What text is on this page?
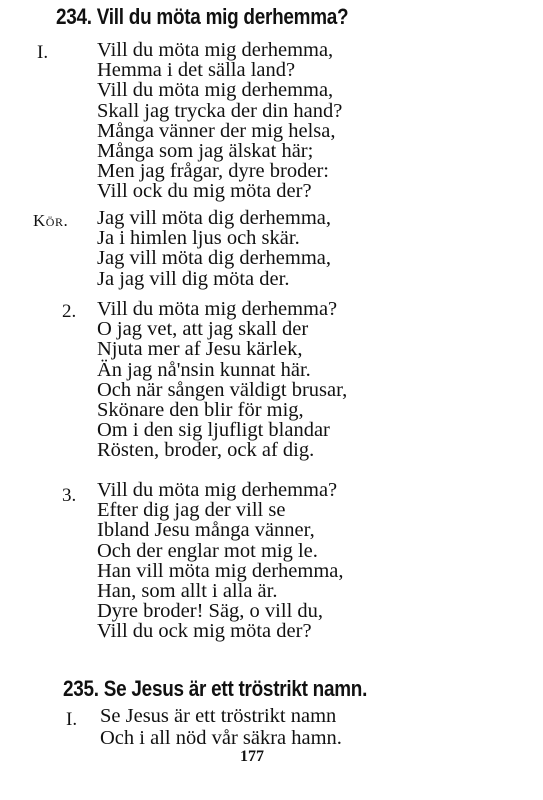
234. Vill du möta mig derhemma?
I. Vill du möta mig derhemma,
Hemma i det sälla land?
Vill du möta mig derhemma,
Skall jag trycka der din hand?
Många vänner der mig helsa,
Många som jag älskat här;
Men jag frågar, dyre broder:
Vill ock du mig möta der?
Kör. Jag vill möta dig derhemma,
Ja i himlen ljus och skär.
Jag vill möta dig derhemma,
Ja jag vill dig möta der.
2. Vill du möta mig derhemma?
O jag vet, att jag skall der
Njuta mer af Jesu kärlek,
Än jag nå'nsin kunnat här.
Och när sången väldigt brusar,
Skönare den blir för mig,
Om i den sig ljufligt blandar
Rösten, broder, ock af dig.
3. Vill du möta mig derhemma?
Efter dig jag der vill se
Ibland Jesu många vänner,
Och der englar mot mig le.
Han vill möta mig derhemma,
Han, som allt i alla är.
Dyre broder! Säg, o vill du,
Vill du ock mig möta der?
235. Se Jesus är ett tröstrikt namn.
I. Se Jesus är ett tröstrikt namn
Och i all nöd vår säkra hamn.
177
